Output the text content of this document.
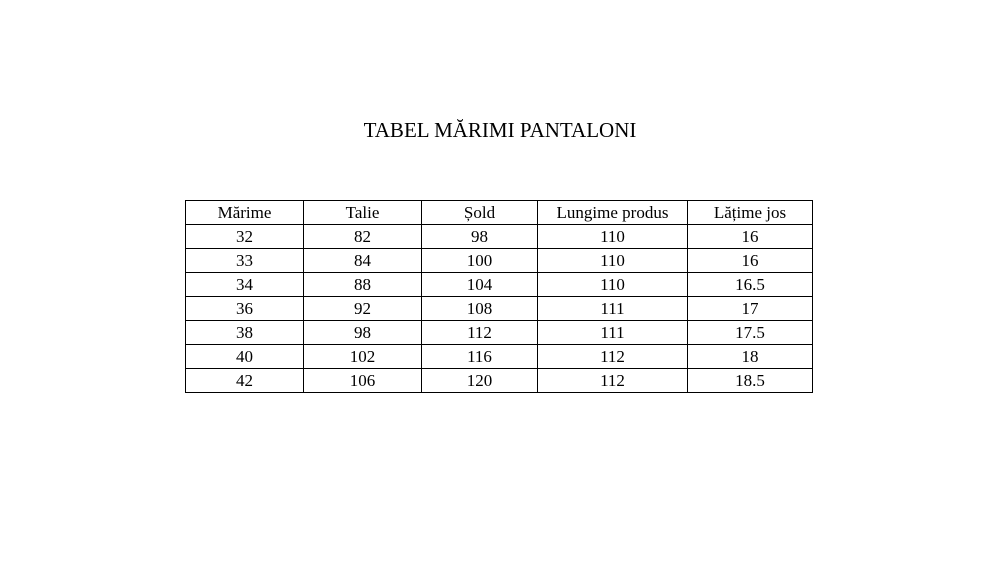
TABEL MĂRIMI PANTALONI
Mărime	Talie	Șold	Lungime produs	Lățime jos
32	82	98	110	16
33	84	100	110	16
34	88	104	110	16.5
36	92	108	111	17
38	98	112	111	17.5
40	102	116	112	18
42	106	120	112	18.5
